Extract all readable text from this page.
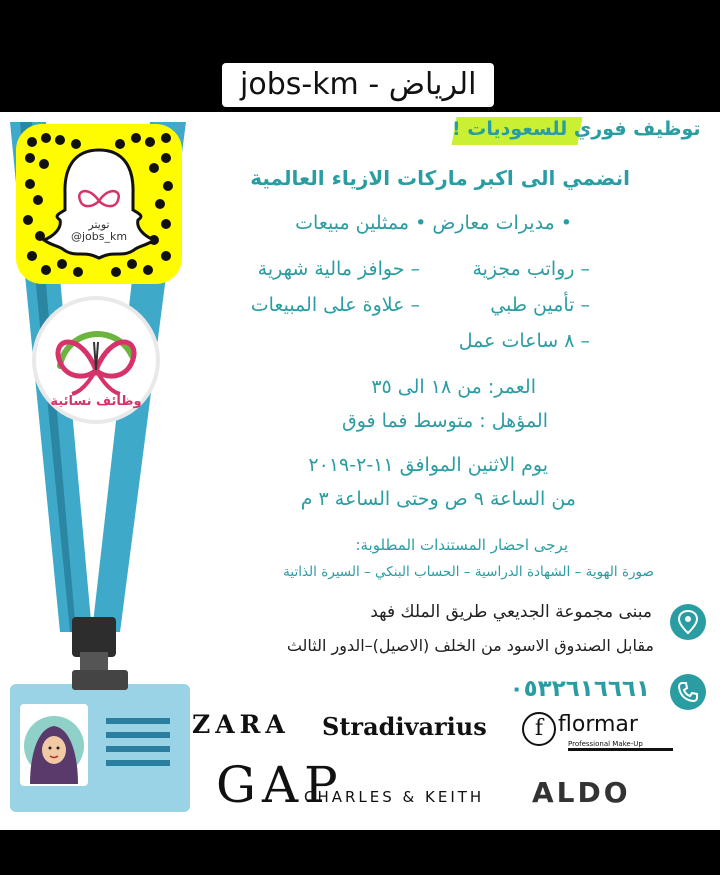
jobs-km - الرياض
تويتر
@jobs_km
وظائف نسائية
توظيف فوري للسعوديات !
انضمي الى اكبر ماركات الازياء العالمية
• مديرات معارض • ممثلين مبيعات
– رواتب مجزية
– حوافز مالية شهرية
– تأمين طبي
– علاوة على المبيعات
– ٨ ساعات عمل
العمر: من ١٨ الى ٣٥
المؤهل : متوسط فما فوق
يوم الاثنين الموافق ١١-٢-٢٠١٩
من الساعة ٩ ص وحتى الساعة ٣ م
يرجى احضار المستندات المطلوبة:
صورة الهوية – الشهادة الدراسية – الحساب البنكي – السيرة الذاتية
مبنى مجموعة الجديعي طريق الملك فهد
مقابل الصندوق الاسود من الخلف (الاصيل)–الدور الثالث
٠٥٣٢٦١٦٦٦١
ZARA Stradivarius	f flormar
Professional Make-Up
GAP
CHARLES & KEITH ALDO
